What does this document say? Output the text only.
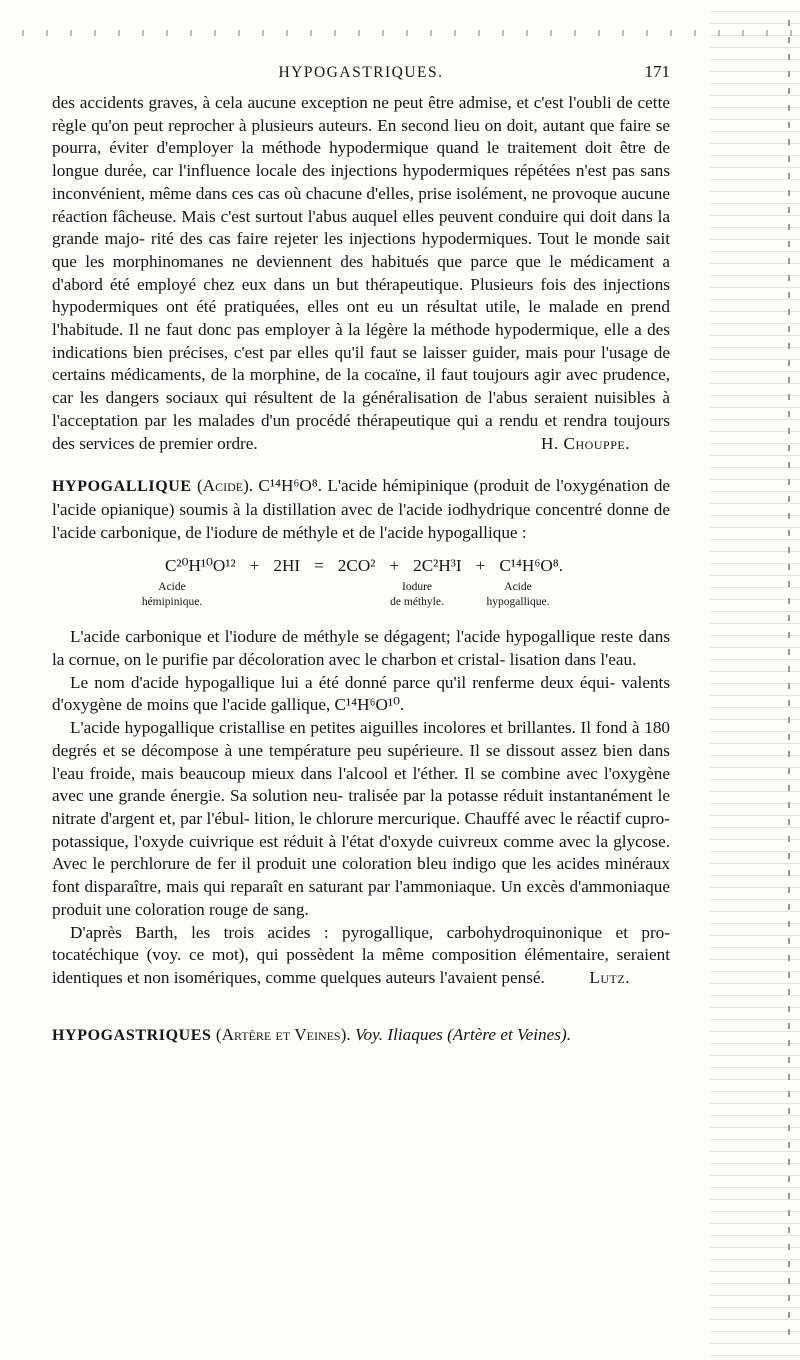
HYPOGASTRIQUES.	171

des accidents graves, à cela aucune exception ne peut être admise, et c'est l'oubli de cette règle qu'on peut reprocher à plusieurs auteurs. En second lieu on doit, autant que faire se pourra, éviter d'employer la méthode hypodermique quand le traitement doit être de longue durée, car l'influence locale des injections hypodermiques répétées n'est pas sans inconvénient, même dans ces cas où chacune d'elles, prise isolément, ne provoque aucune réaction fâcheuse. Mais c'est surtout l'abus auquel elles peuvent conduire qui doit dans la grande majo- rité des cas faire rejeter les injections hypodermiques. Tout le monde sait que les morphinomanes ne deviennent des habitués que parce que le médicament a d'abord été employé chez eux dans un but thérapeutique. Plusieurs fois des injections hypodermiques ont été pratiquées, elles ont eu un résultat utile, le malade en prend l'habitude. Il ne faut donc pas employer à la légère la méthode hypodermique, elle a des indications bien précises, c'est par elles qu'il faut se laisser guider, mais pour l'usage de certains médicaments, de la morphine, de la cocaïne, il faut toujours agir avec prudence, car les dangers sociaux qui résultent de la généralisation de l'abus seraient nuisibles à l'acceptation par les malades d'un procédé thérapeutique qui a rendu et rendra toujours des services de premier ordre.	H. Chouppe.

HYPOGALLIQUE (Acide). C¹⁴H⁶O⁸. L'acide hémipinique (produit de l'oxygénation de l'acide opianique) soumis à la distillation avec de l'acide iodhydrique concentré donne de l'acide carbonique, de l'iodure de méthyle et de l'acide hypogallique :

C²⁰H¹⁰O¹² + 2HI = 2CO² + 2C²H³I + C¹⁴H⁶O⁸.
Acide
hémipinique.
Iodure
de méthyle.
Acide
hypogallique.

L'acide carbonique et l'iodure de méthyle se dégagent; l'acide hypogallique reste dans la cornue, on le purifie par décoloration avec le charbon et cristal- lisation dans l'eau.

Le nom d'acide hypogallique lui a été donné parce qu'il renferme deux équi- valents d'oxygène de moins que l'acide gallique, C¹⁴H⁶O¹⁰.

L'acide hypogallique cristallise en petites aiguilles incolores et brillantes. Il fond à 180 degrés et se décompose à une température peu supérieure. Il se dissout assez bien dans l'eau froide, mais beaucoup mieux dans l'alcool et l'éther. Il se combine avec l'oxygène avec une grande énergie. Sa solution neu- tralisée par la potasse réduit instantanément le nitrate d'argent et, par l'ébul- lition, le chlorure mercurique. Chauffé avec le réactif cupro-potassique, l'oxyde cuivrique est réduit à l'état d'oxyde cuivreux comme avec la glycose. Avec le perchlorure de fer il produit une coloration bleu indigo que les acides minéraux font disparaître, mais qui reparaît en saturant par l'ammoniaque. Un excès d'ammoniaque produit une coloration rouge de sang.

D'après Barth, les trois acides : pyrogallique, carbohydroquinonique et pro- tocatéchique (voy. ce mot), qui possèdent la même composition élémentaire, seraient identiques et non isomériques, comme quelques auteurs l'avaient pensé.	Lutz.

HYPOGASTRIQUES (Artère et Veines). Voy. Iliaques (Artère et Veines).
